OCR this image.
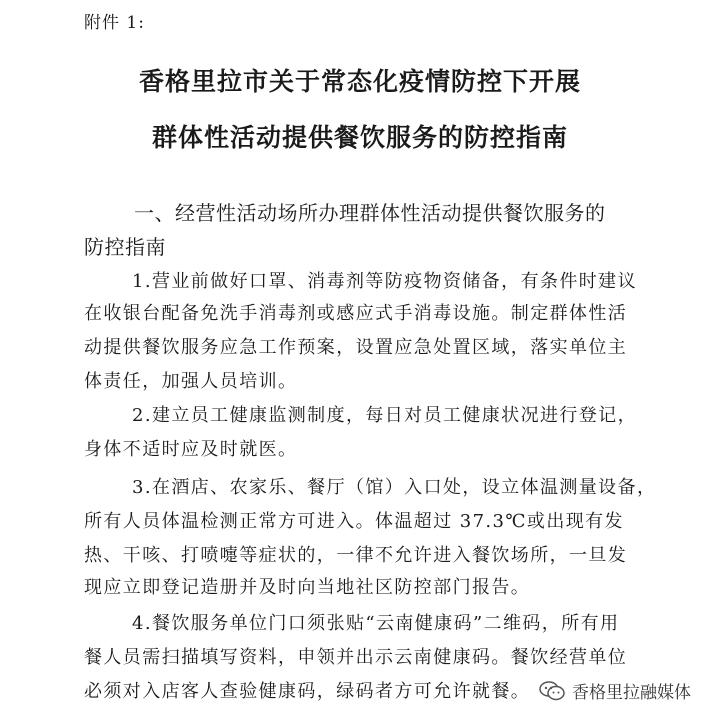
附件 1:
香格里拉市关于常态化疫情防控下开展
群体性活动提供餐饮服务的防控指南
一、经营性活动场所办理群体性活动提供餐饮服务的
防控指南
1.营业前做好口罩、消毒剂等防疫物资储备，有条件时建议
在收银台配备免洗手消毒剂或感应式手消毒设施。制定群体性活
动提供餐饮服务应急工作预案，设置应急处置区域，落实单位主
体责任，加强人员培训。
2.建立员工健康监测制度，每日对员工健康状况进行登记，
身体不适时应及时就医。
3.在酒店、农家乐、餐厅（馆）入口处，设立体温测量设备，
所有人员体温检测正常方可进入。体温超过 37.3℃或出现有发
热、干咳、打喷嚏等症状的，一律不允许进入餐饮场所，一旦发
现应立即登记造册并及时向当地社区防控部门报告。
4.餐饮服务单位门口须张贴“云南健康码”二维码，所有用
餐人员需扫描填写资料，申领并出示云南健康码。餐饮经营单位
必须对入店客人查验健康码，绿码者方可允许就餐。	香格里拉融媒体
